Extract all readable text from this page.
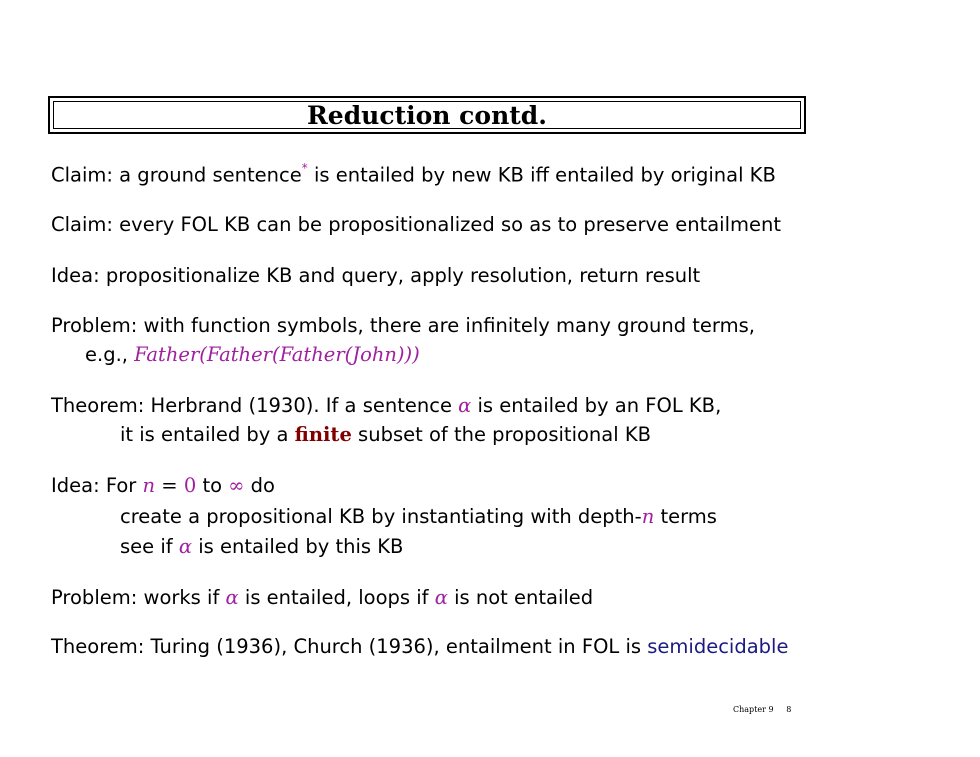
Reduction contd.
Claim: a ground sentence* is entailed by new KB iff entailed by original KB
Claim: every FOL KB can be propositionalized so as to preserve entailment
Idea: propositionalize KB and query, apply resolution, return result
Problem: with function symbols, there are infinitely many ground terms,
e.g., Father(Father(Father(John)))
Theorem: Herbrand (1930). If a sentence α is entailed by an FOL KB,
it is entailed by a finite subset of the propositional KB
Idea: For n = 0 to ∞ do
create a propositional KB by instantiating with depth-n terms
see if α is entailed by this KB
Problem: works if α is entailed, loops if α is not entailed
Theorem: Turing (1936), Church (1936), entailment in FOL is semidecidable
Chapter 9     8
